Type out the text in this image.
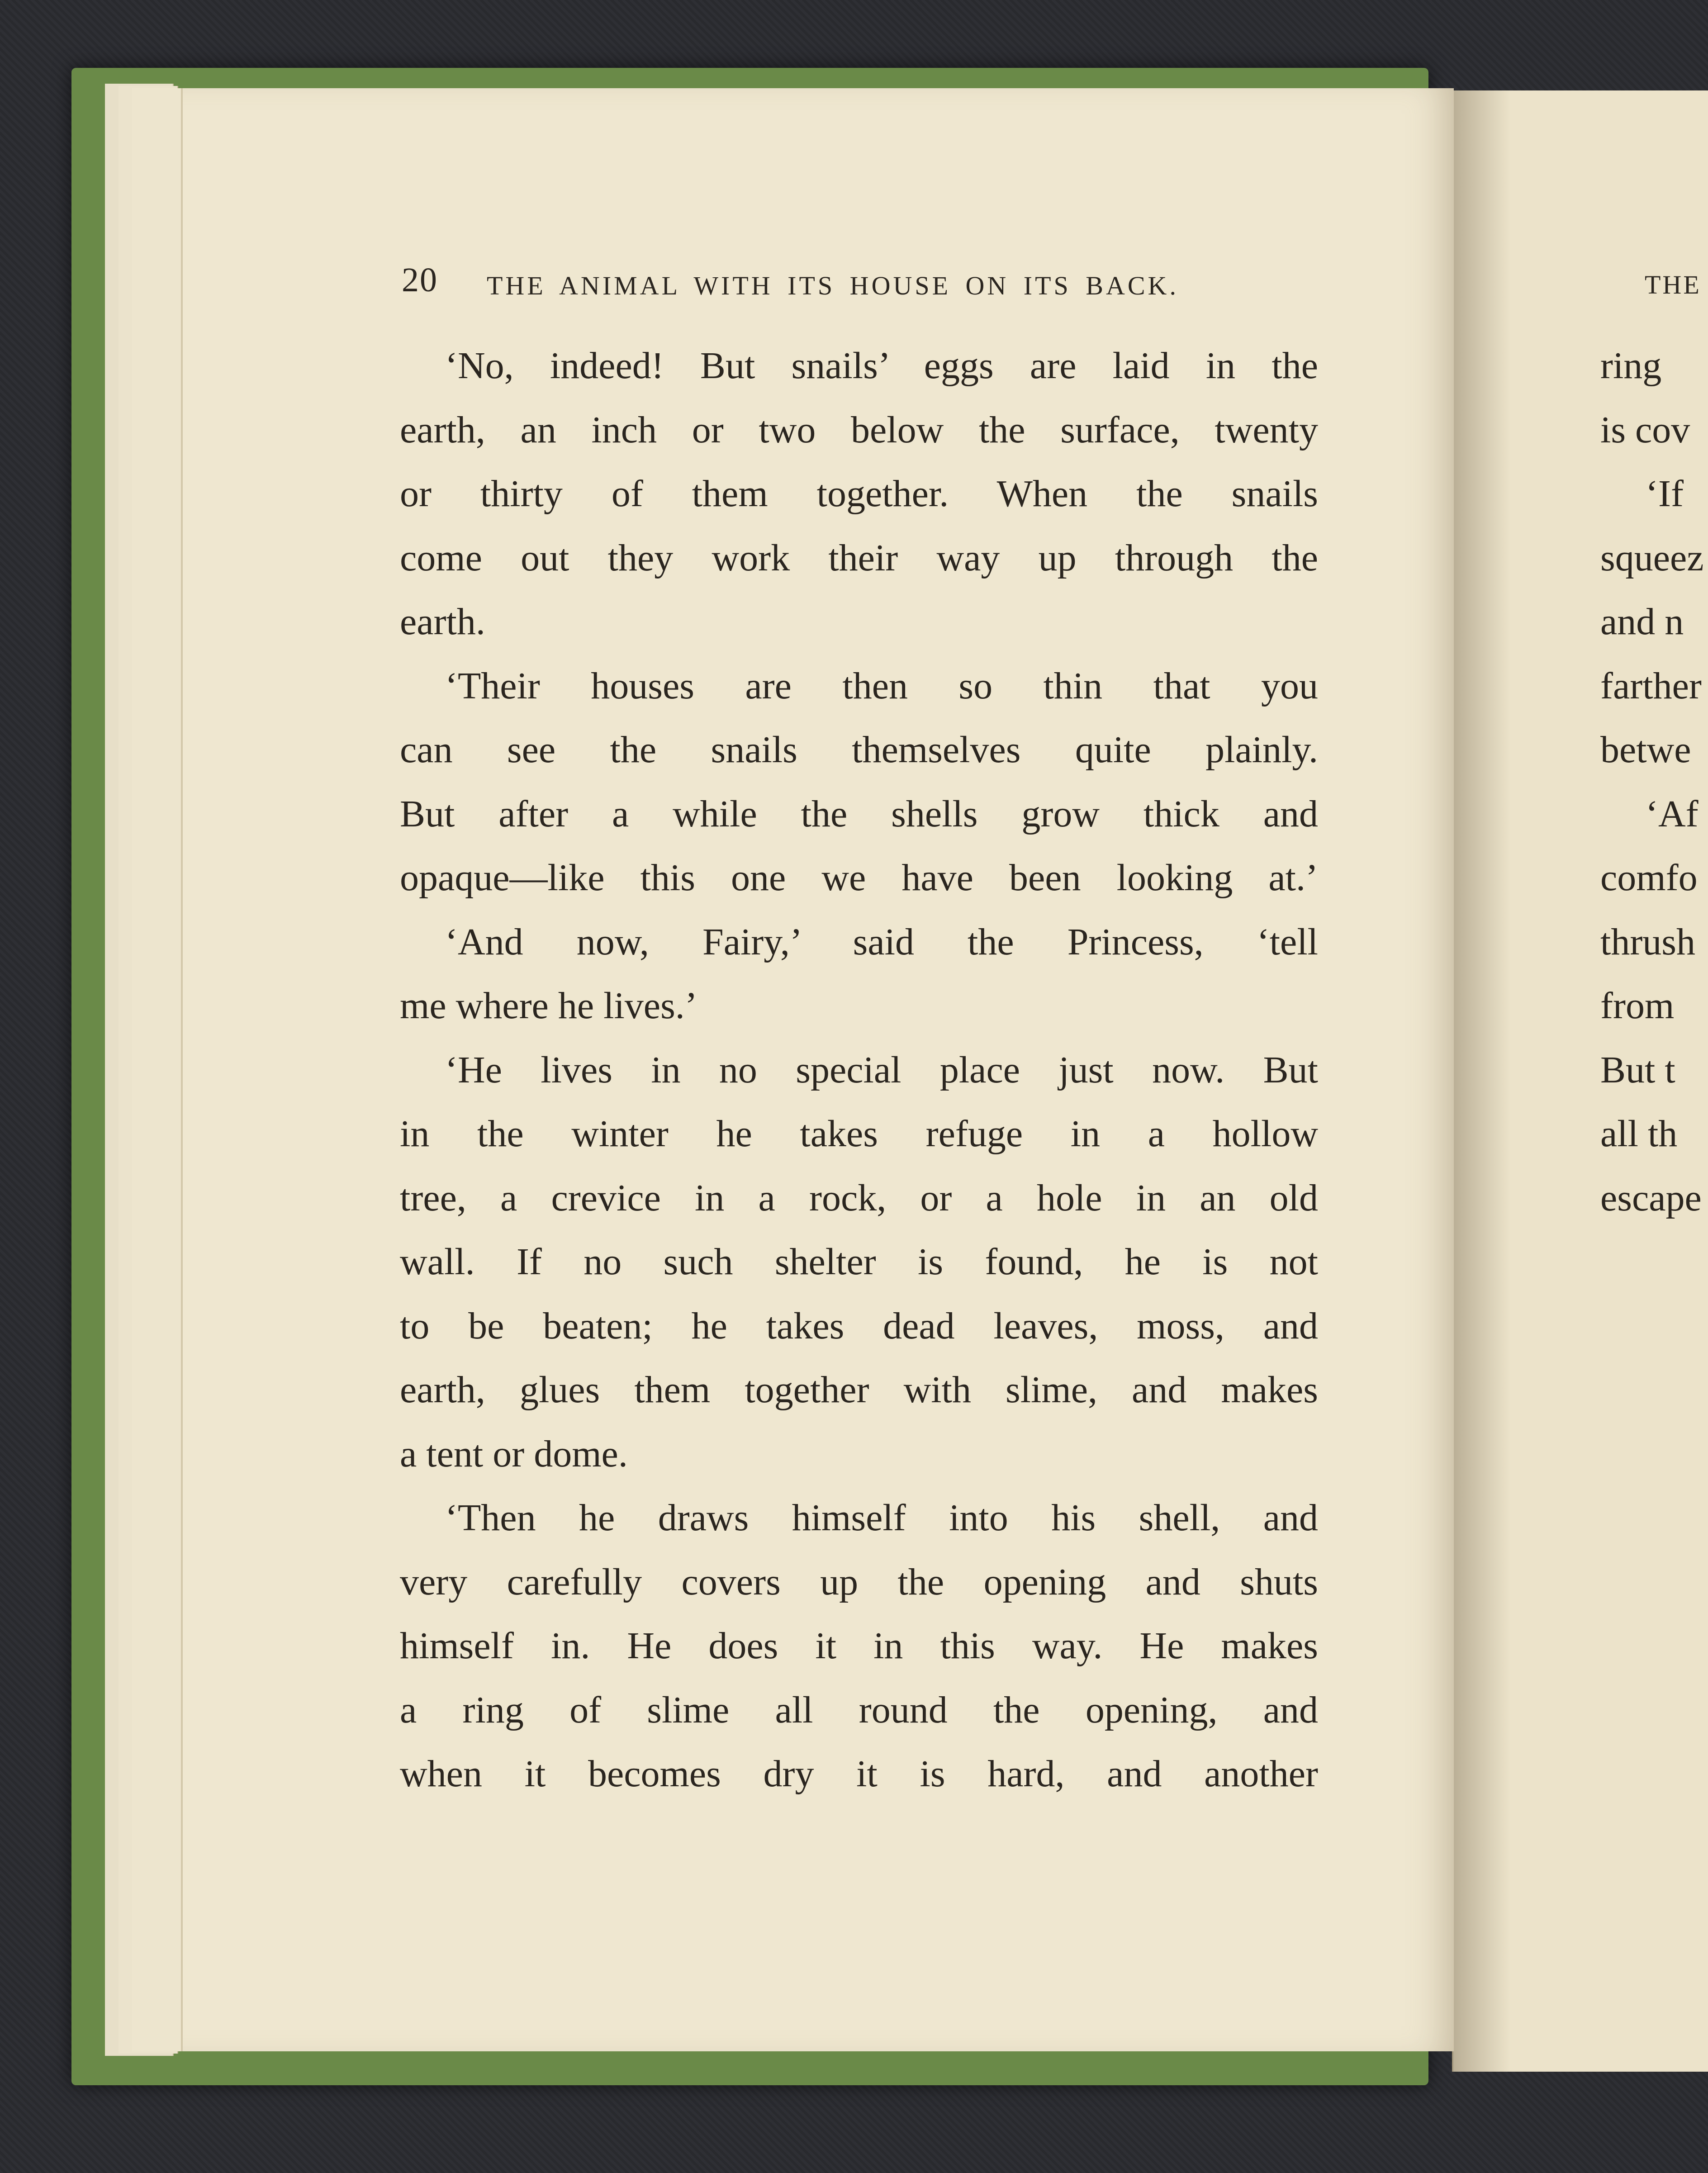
20 THE ANIMAL WITH ITS HOUSE ON ITS BACK.
‘No, indeed! But snails’ eggs are laid in the
earth, an inch or two below the surface, twenty
or thirty of them together. When the snails
come out they work their way up through the
earth.
‘Their houses are then so thin that you
can see the snails themselves quite plainly.
But after a while the shells grow thick and
opaque—like this one we have been looking at.’
‘And now, Fairy,’ said the Princess, ‘tell
me where he lives.’
‘He lives in no special place just now. But
in the winter he takes refuge in a hollow
tree, a crevice in a rock, or a hole in an old
wall. If no such shelter is found, he is not
to be beaten; he takes dead leaves, moss, and
earth, glues them together with slime, and makes
a tent or dome.
‘Then he draws himself into his shell, and
very carefully covers up the opening and shuts
himself in. He does it in this way. He makes
a ring of slime all round the opening, and
when it becomes dry it is hard, and another
THE
ring
is cov
‘If
squeez
and n
farther
betwe
‘Af
comfo
thrush
from
But t
all th
escape
